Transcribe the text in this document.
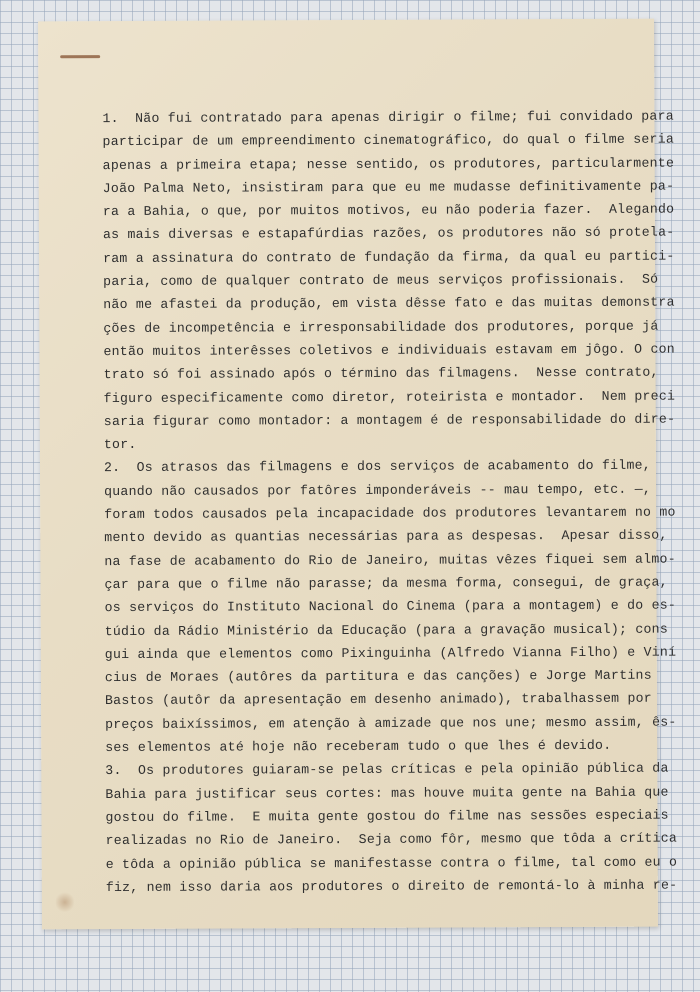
1.  Não fui contratado para apenas dirigir o filme; fui convidado para
participar de um empreendimento cinematográfico, do qual o filme seria
apenas a primeira etapa; nesse sentido, os produtores, particularmente
João Palma Neto, insistiram para que eu me mudasse definitivamente pa-
ra a Bahia, o que, por muitos motivos, eu não poderia fazer.  Alegando
as mais diversas e estapafúrdias razões, os produtores não só protela-
ram a assinatura do contrato de fundação da firma, da qual eu partici-
paria, como de qualquer contrato de meus serviços profissionais.  Só
não me afastei da produção, em vista dêsse fato e das muitas demonstra
ções de incompetência e irresponsabilidade dos produtores, porque já
então muitos interêsses coletivos e individuais estavam em jôgo. O con
trato só foi assinado após o término das filmagens.  Nesse contrato,
figuro especificamente como diretor, roteirista e montador.  Nem preci
saria figurar como montador: a montagem é de responsabilidade do dire-
tor.
2.  Os atrasos das filmagens e dos serviços de acabamento do filme,
quando não causados por fatôres imponderáveis -- mau tempo, etc. —,
foram todos causados pela incapacidade dos produtores levantarem no mo
mento devido as quantias necessárias para as despesas.  Apesar disso,
na fase de acabamento do Rio de Janeiro, muitas vêzes fiquei sem almo-
çar para que o filme não parasse; da mesma forma, consegui, de graça,
os serviços do Instituto Nacional do Cinema (para a montagem) e do es-
túdio da Rádio Ministério da Educação (para a gravação musical); cons
gui ainda que elementos como Pixinguinha (Alfredo Vianna Filho) e Viní
cius de Moraes (autôres da partitura e das canções) e Jorge Martins
Bastos (autôr da apresentação em desenho animado), trabalhassem por
preços baixíssimos, em atenção à amizade que nos une; mesmo assim, ês-
ses elementos até hoje não receberam tudo o que lhes é devido.
3.  Os produtores guiaram-se pelas críticas e pela opinião pública da
Bahia para justificar seus cortes: mas houve muita gente na Bahia que
gostou do filme.  E muita gente gostou do filme nas sessões especiais
realizadas no Rio de Janeiro.  Seja como fôr, mesmo que tôda a crítica
e tôda a opinião pública se manifestasse contra o filme, tal como eu o
fiz, nem isso daria aos produtores o direito de remontá-lo à minha re-
